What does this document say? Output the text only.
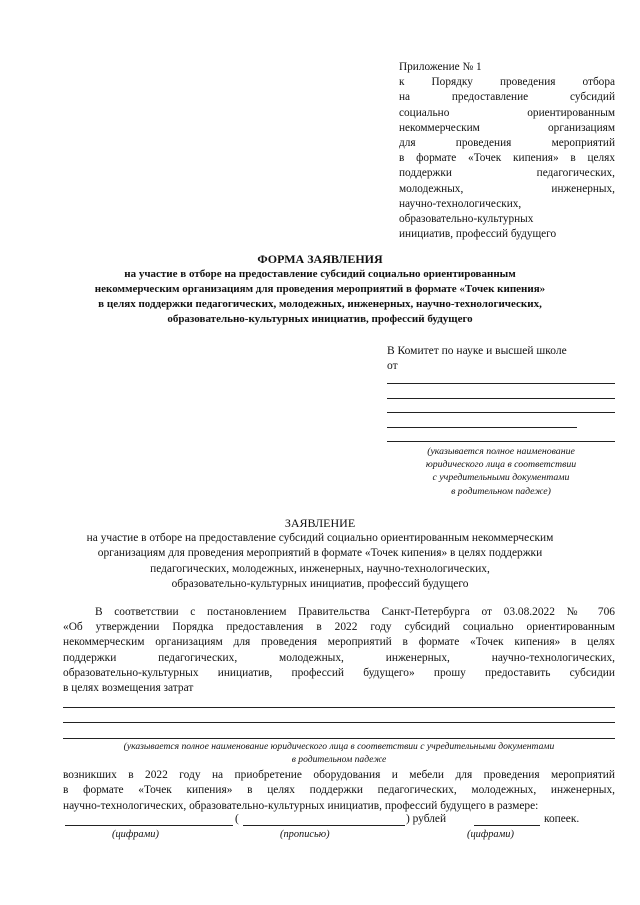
Приложение № 1
к Порядку проведения отбора
на предоставление субсидий
социально ориентированным
некоммерческим организациям
для проведения мероприятий
в формате «Точек кипения» в целях
поддержки педагогических,
молодежных, инженерных,
научно-технологических,
образовательно-культурных
инициатив, профессий будущего
ФОРМА ЗАЯВЛЕНИЯ
на участие в отборе на предоставление субсидий социально ориентированным
некоммерческим организациям для проведения мероприятий в формате «Точек кипения»
в целях поддержки педагогических, молодежных, инженерных, научно-технологических,
образовательно-культурных инициатив, профессий будущего
В Комитет по науке и высшей школе
от
(указывается полное наименование
юридического лица в соответствии
с учредительными документами
в родительном падеже)
ЗАЯВЛЕНИЕ
на участие в отборе на предоставление субсидий социально ориентированным некоммерческим
организациям для проведения мероприятий в формате «Точек кипения» в целях поддержки
педагогических, молодежных, инженерных, научно-технологических,
образовательно-культурных инициатив, профессий будущего
В соответствии с постановлением Правительства Санкт-Петербурга от 03.08.2022 № 706
«Об утверждении Порядка предоставления в 2022 году субсидий социально ориентированным
некоммерческим организациям для проведения мероприятий в формате «Точек кипения» в целях
поддержки педагогических, молодежных, инженерных, научно-технологических,
образовательно-культурных инициатив, профессий будущего» прошу предоставить субсидии
в целях возмещения затрат
(указывается полное наименование юридического лица в соответствии с учредительными документами
в родительном падеже
возникших в 2022 году на приобретение оборудования и мебели для проведения мероприятий
в формате «Точек кипения» в целях поддержки педагогических, молодежных, инженерных,
научно-технологических, образовательно-культурных инициатив, профессий будущего в размере:
(	) рублей	копеек.
(цифрами)	(прописью)	(цифрами)
